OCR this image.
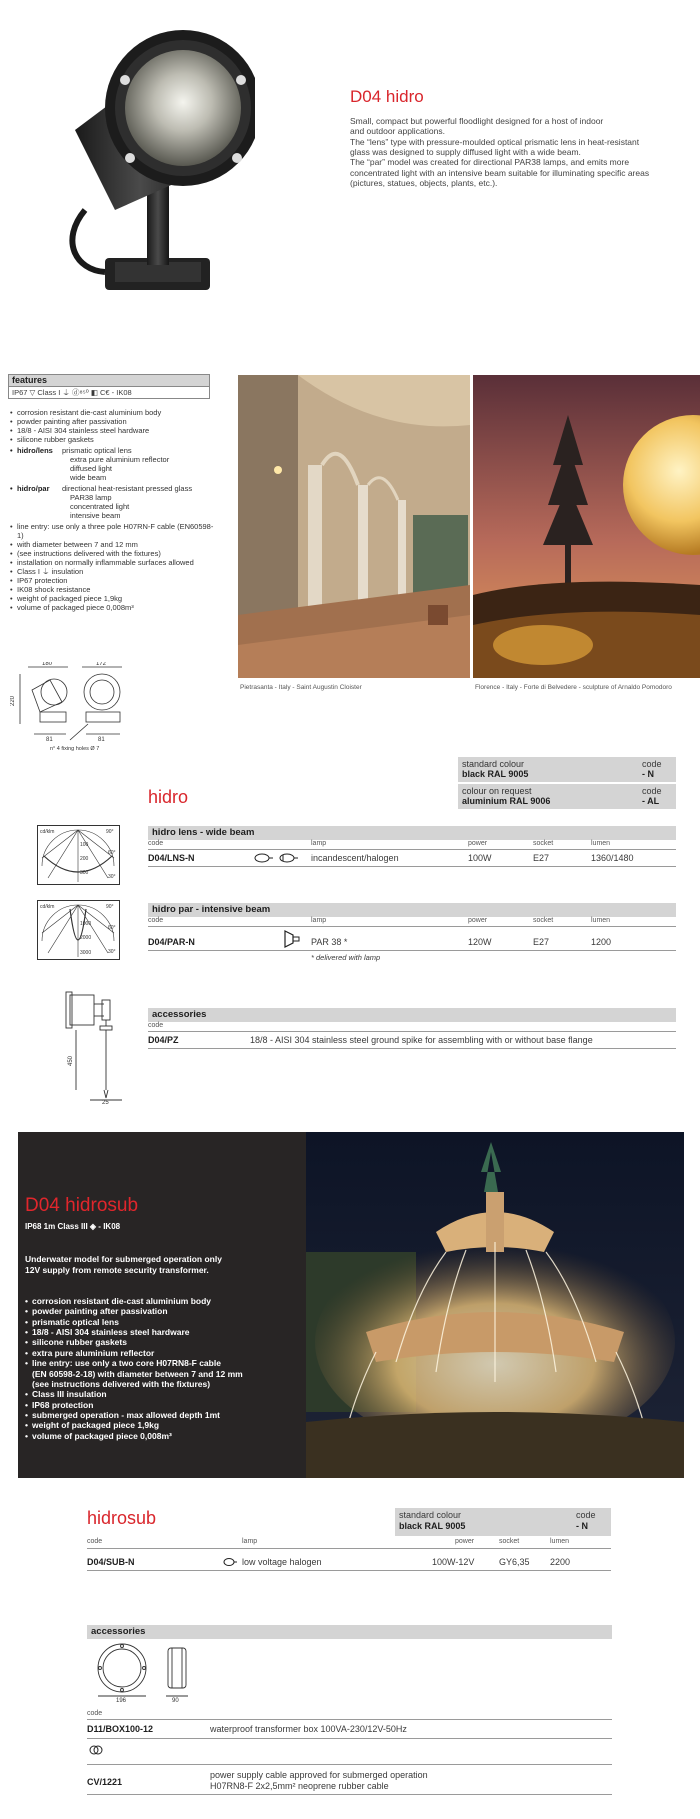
D04 hidro
Small, compact but powerful floodlight designed for a host of indoor
and outdoor applications.
The “lens” type with pressure-moulded optical prismatic lens in heat-resistant
glass was designed to supply diffused light with a wide beam.
The “par” model was created for directional PAR38 lamps, and emits more
concentrated light with an intensive beam suitable for illuminating specific areas
(pictures, statues, objects, plants, etc.).
features
IP67 ▽ Class I ⏚ ⓓ⁸⁵⁰ ◧ C€ - IK08
• corrosion resistant die-cast aluminium body
• powder painting after passivation
• 18/8 - AISI 304 stainless steel hardware
• silicone rubber gaskets
• hidro/lens	prismatic optical lens
extra pure aluminium reflector
diffused light
wide beam
• hidro/par	directional heat-resistant pressed glass
PAR38 lamp
concentrated light
intensive beam
• line entry: use only a three pole H07RN-F cable (EN60598-1)
• with diameter between 7 and 12 mm
• (see instructions delivered with the fixtures)
• installation on normally inflammable surfaces allowed
• Class I ⏚ insulation
• IP67 protection
• IK08 shock resistance
• weight of packaged piece 1,9kg
• volume of packaged piece 0,008m³
Pietrasanta - Italy - Saint Augustin Cloister	Florence - Italy - Forte di Belvedere - sculpture of Arnaldo Pomodoro
180	172
220
81	81
n° 4 fixing holes Ø 7
standard colour
black RAL 9005
code
- N
colour on request
aluminium RAL 9006
code
- AL
hidro
cd/klm	90°
60°
30°
100
200
300
hidro lens - wide beam
code	lamp	power	socket	lumen
D04/LNS-N	incandescent/halogen	100W	E27	1360/1480
cd/klm	90°
60°
30°
1000
2000
3000
hidro par - intensive beam
code	lamp	power	socket	lumen
D04/PAR-N	PAR 38 *	120W	E27	1200
* delivered with lamp
450
25
accessories
code
D04/PZ	18/8 - AISI 304 stainless steel ground spike for assembling with or without base flange
D04 hidrosub
IP68 1m Class III ◈ - IK08
Underwater model for submerged operation only
12V supply from remote security transformer.
• corrosion resistant die-cast aluminium body
• powder painting after passivation
• prismatic optical lens
• 18/8 - AISI 304 stainless steel hardware
• silicone rubber gaskets
• extra pure aluminium reflector
• line entry: use only a two core H07RN8-F cable
(EN 60598-2-18) with diameter between 7 and 12 mm
(see instructions delivered with the fixtures)
• Class III insulation
• IP68 protection
• submerged operation - max allowed depth 1mt
• weight of packaged piece 1,9kg
• volume of packaged piece 0,008m³
hidrosub	standard colour
black RAL 9005
code
- N
code	lamp	power	socket	lumen
D04/SUB-N	low voltage halogen	100W-12V	GY6,35 2200
accessories
196	90
code
D11/BOX100-12	waterproof transformer box 100VA-230/12V-50Hz
CV/1221
power supply cable approved for submerged operation
H07RN8-F 2x2,5mm² neoprene rubber cable
